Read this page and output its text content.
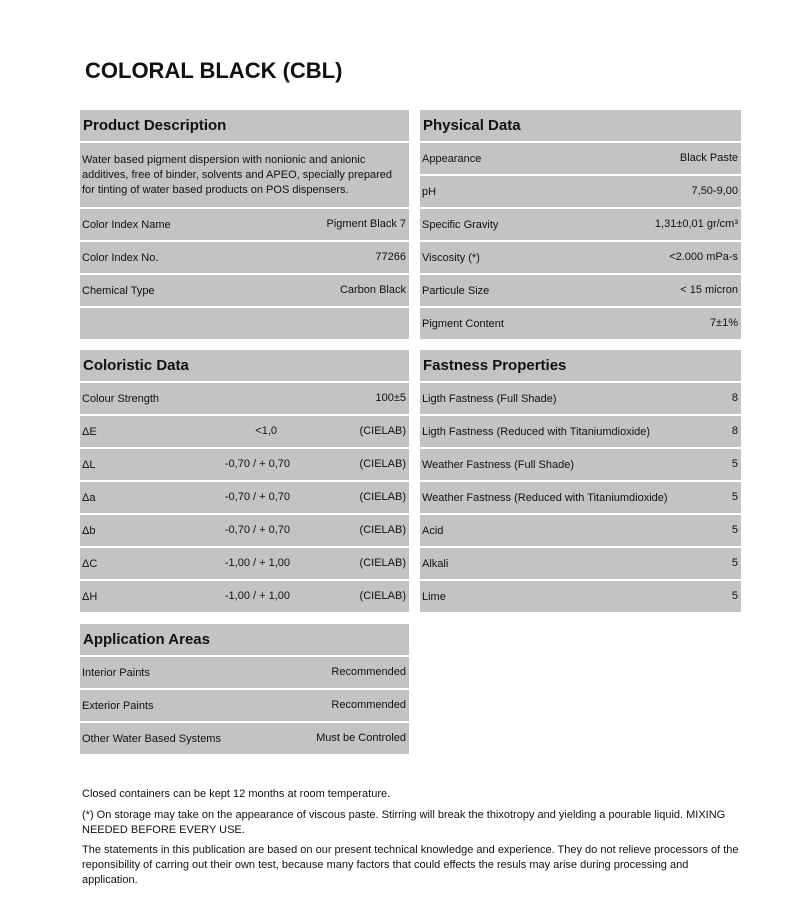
COLORAL BLACK (CBL)
Product Description
Water based pigment dispersion with nonionic and anionic additives, free of binder, solvents and APEO, specially prepared for tinting of water based products on POS dispensers.
Color Index Name	Pigment Black 7
Color Index No.	77266
Chemical Type	Carbon Black
Physical Data
Appearance	Black Paste
pH	7,50-9,00
Specific Gravity	1,31±0,01 gr/cm³
Viscosity (*)	<2.000 mPa-s
Particule Size	< 15 micron
Pigment Content	7±1%
Coloristic Data
Colour Strength	100±5
ΔE	<1,0	(CIELAB)
ΔL	-0,70 / + 0,70	(CIELAB)
Δa	-0,70 / + 0,70	(CIELAB)
Δb	-0,70 / + 0,70	(CIELAB)
ΔC	-1,00 / + 1,00	(CIELAB)
ΔH	-1,00 / + 1,00	(CIELAB)
Fastness Properties
Ligth Fastness (Full Shade)	8
Ligth Fastness (Reduced with Titaniumdioxide)	8
Weather Fastness (Full Shade)	5
Weather Fastness (Reduced with Titaniumdioxide)	5
Acid	5
Alkali	5
Lime	5
Application Areas
Interior Paints	Recommended
Exterior Paints	Recommended
Other Water Based Systems	Must be Controled
Closed containers can be kept 12 months at room temperature.
(*) On storage may take on the appearance of viscous paste. Stirring will break the thixotropy and yielding a pourable liquid. MIXING NEEDED BEFORE EVERY USE.
The statements in this publication are based on our present technical knowledge and experience. They do not relieve processors of the reponsibility of carring out their own test, because many factors that could effects the resuls may arise during processing and application.
